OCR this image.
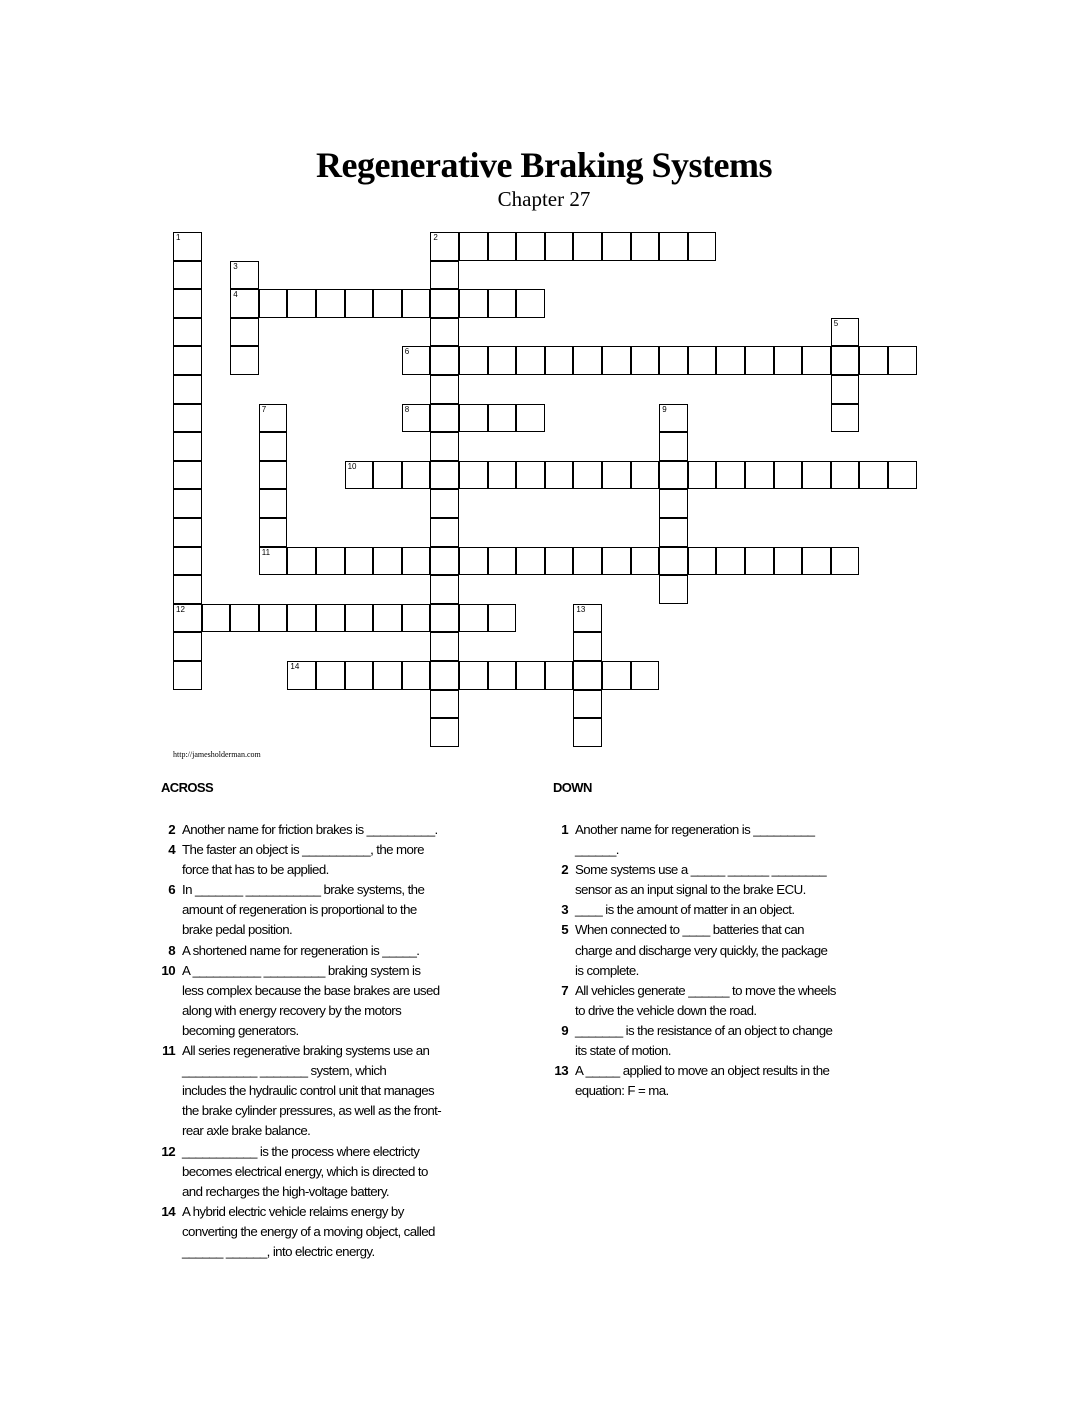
Regenerative Braking Systems
Chapter 27
1
12
2
3
4
5
6
7
11
8	9
10
13
14
http://jamesholderman.com
ACROSS	DOWN
2 Another name for friction brakes is __________.
4 The faster an object is __________, the more
force that has to be applied.
6 In _______ ___________ brake systems, the
amount of regeneration is proportional to the
brake pedal position.
8 A shortened name for regeneration is _____.
10 A __________ _________ braking system is
less complex because the base brakes are used
along with energy recovery by the motors
becoming generators.
11 All series regenerative braking systems use an
___________ _______ system, which
includes the hydraulic control unit that manages
the brake cylinder pressures, as well as the front-
rear axle brake balance.
12 ___________ is the process where electricty
becomes electrical energy, which is directed to
and recharges the high-voltage battery.
14 A hybrid electric vehicle relaims energy by
converting the energy of a moving object, called
______ ______, into electric energy.
1 Another name for regeneration is _________
______.
2 Some systems use a _____ ______ ________
sensor as an input signal to the brake ECU.
3 ____ is the amount of matter in an object.
5 When connected to ____ batteries that can
charge and discharge very quickly, the package
is complete.
7 All vehicles generate ______ to move the wheels
to drive the vehicle down the road.
9 _______ is the resistance of an object to change
its state of motion.
13 A _____ applied to move an object results in the
equation: F = ma.
